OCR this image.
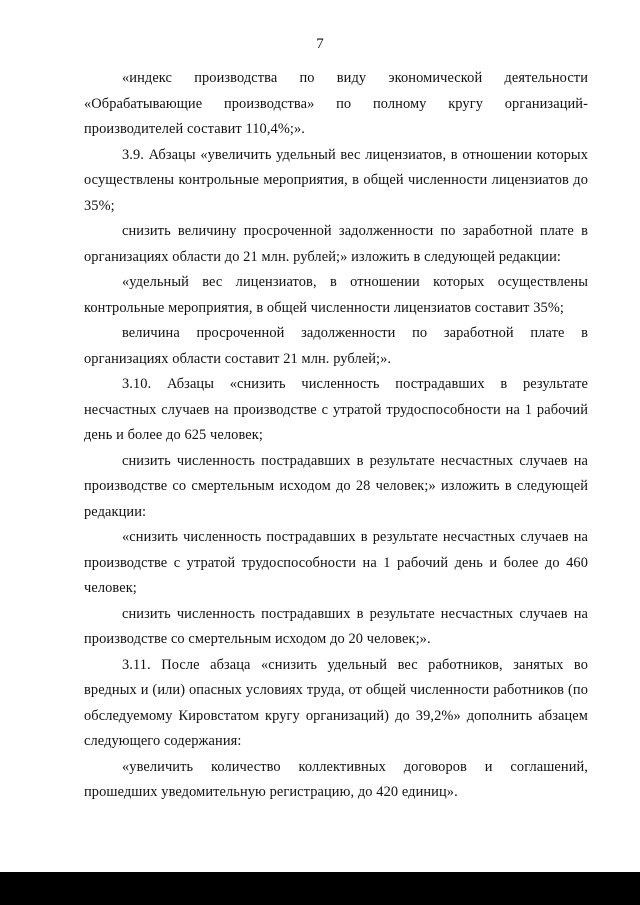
7

«индекс производства по виду экономической деятельности «Обрабатывающие производства» по полному кругу организаций-производителей составит 110,4%;».

3.9. Абзацы «увеличить удельный вес лицензиатов, в отношении которых осуществлены контрольные мероприятия, в общей численности лицензиатов до 35%;

снизить величину просроченной задолженности по заработной плате в организациях области до 21 млн. рублей;» изложить в следующей редакции:

«удельный вес лицензиатов, в отношении которых осуществлены контрольные мероприятия, в общей численности лицензиатов составит 35%;

величина просроченной задолженности по заработной плате в организациях области составит 21 млн. рублей;».

3.10. Абзацы «снизить численность пострадавших в результате несчастных случаев на производстве с утратой трудоспособности на 1 рабочий день и более до 625 человек;

снизить численность пострадавших в результате несчастных случаев на производстве со смертельным исходом до 28 человек;» изложить в следующей редакции:

«снизить численность пострадавших в результате несчастных случаев на производстве с утратой трудоспособности на 1 рабочий день и более до 460 человек;

снизить численность пострадавших в результате несчастных случаев на производстве со смертельным исходом до 20 человек;».

3.11. После абзаца «снизить удельный вес работников, занятых во вредных и (или) опасных условиях труда, от общей численности работников (по обследуемому Кировстатом кругу организаций) до 39,2%» дополнить абзацем следующего содержания:

«увеличить количество коллективных договоров и соглашений, прошедших уведомительную регистрацию, до 420 единиц».
